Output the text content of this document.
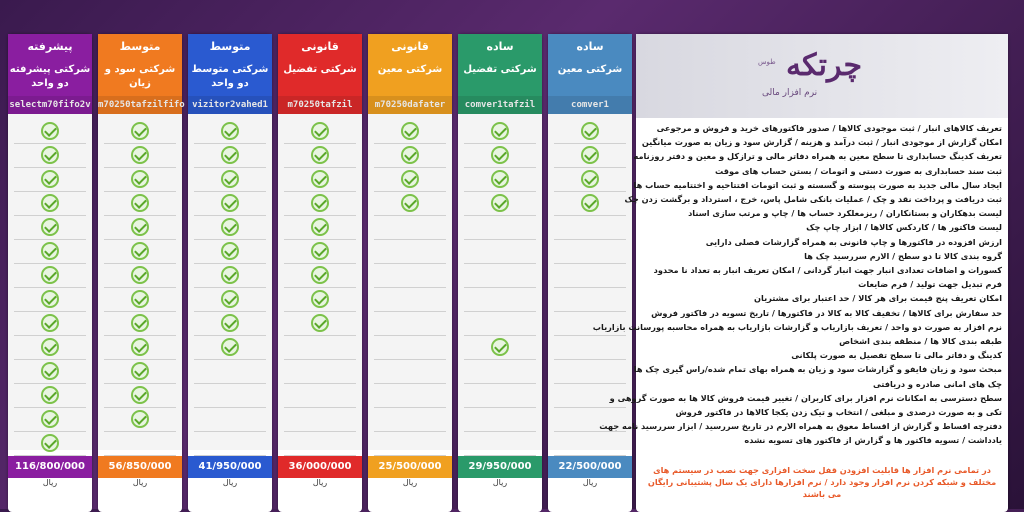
پیشرفته
شرکتی پیشرفته دو واحد
selectm70fifo2v
116/800/000
ریال
متوسط
شرکتی سود و زیان
m70250tafzilfifo
56/850/000
ریال
متوسط
شرکتی متوسط دو واحد
vizitor2vahed1
41/950/000
ریال
قانونی
شرکتی تفضیل
m70250tafzil
36/000/000
ریال
قانونی
شرکتی معین
m70250dafater
25/500/000
ریال
ساده
شرکتی تفضیل
comver1tafzil
29/950/000
ریال
ساده
شرکتی معین
comver1
22/500/000
ریال
طوس چرتکه
نرم افزار مالی
تعریف کالاهای انبار / ثبت موجودی کالاها / صدور فاکتورهای خرید و فروش و مرجوعی
امکان گزارش از موجودی انبار / ثبت درآمد و هزینه / گزارش سود و زیان به صورت میانگین
تعریف کدینگ حسابداری تا سطح معین به همراه دفاتر مالی و ترازکل و معین و دفتر روزنامه
ثبت سند حسابداری به صورت دستی و اتومات / بستن حساب های موقت
ایجاد سال مالی جدید به صورت پیوسته و گسسته و ثبت اتومات افتتاحیه و اختتامیه حساب ها
ثبت دریافت و پرداخت نقد و چک / عملیات بانکی شامل پاس، خرج ، استرداد و برگشت زدن چک
لیست بدهکاران و بستانکاران / ریزمعلکرد حساب ها / چاپ و مرتب سازی اسناد
لیست فاکتور ها / کاردکس کالاها / ابزار چاپ چک
ارزش افزوده در فاکتورها و چاپ قانونی به همراه گزارشات فصلی دارایی
گروه بندی کالا تا دو سطح / الارم سررسید چک ها
کسورات و اضافات تعدادی انبار جهت انبار گردانی / امکان تعریف انبار به تعداد نا محدود
فرم تبدیل جهت تولید / فرم ضایعات
امکان تعریف پنج قیمت برای هر کالا / حد اعتبار برای مشتریان
حد سفارش برای کالاها / تخفیف کالا به کالا در فاکتورها / تاریخ تسویه در فاکتور فروش
نرم افزار به صورت دو واحد / تعریف بازاریاب و گزارشات بازاریاب به همراه محاسبه پورسانت بازاریاب
طبقه بندی کالا ها / منطقه بندی اشخاص
کدینگ و دفاتر مالی تا سطح تفصیل به صورت پلکانی
مبحث سود و زیان فایفو و گزارشات سود و زیان به همراه بهای تمام شده/راس گیری چک ها
چک های امانی صادره و دریافتی
سطح دسترسی به امکانات نرم افزار برای کاربران / تغییر قیمت فروش کالا ها به صورت گروهی و
تکی و به صورت درصدی و مبلغی / انتخاب و تیک زدن یکجا کالاها در فاکتور فروش
دفترچه اقساط و گزارش از اقساط معوق به همراه الارم در تاریخ سررسید / ابزار سررسید نامه جهت
یادداشت / تسویه فاکتور ها و گزارش از فاکتور های تسویه نشده
در تمامی نرم افزار ها قابلیت افزودن قفل سخت افزاری جهت نصب در سیستم های مختلف و شبکه کردن نرم افزار وجود دارد / نرم افزارها دارای یک سال پشتیبانی رایگان می باشند
